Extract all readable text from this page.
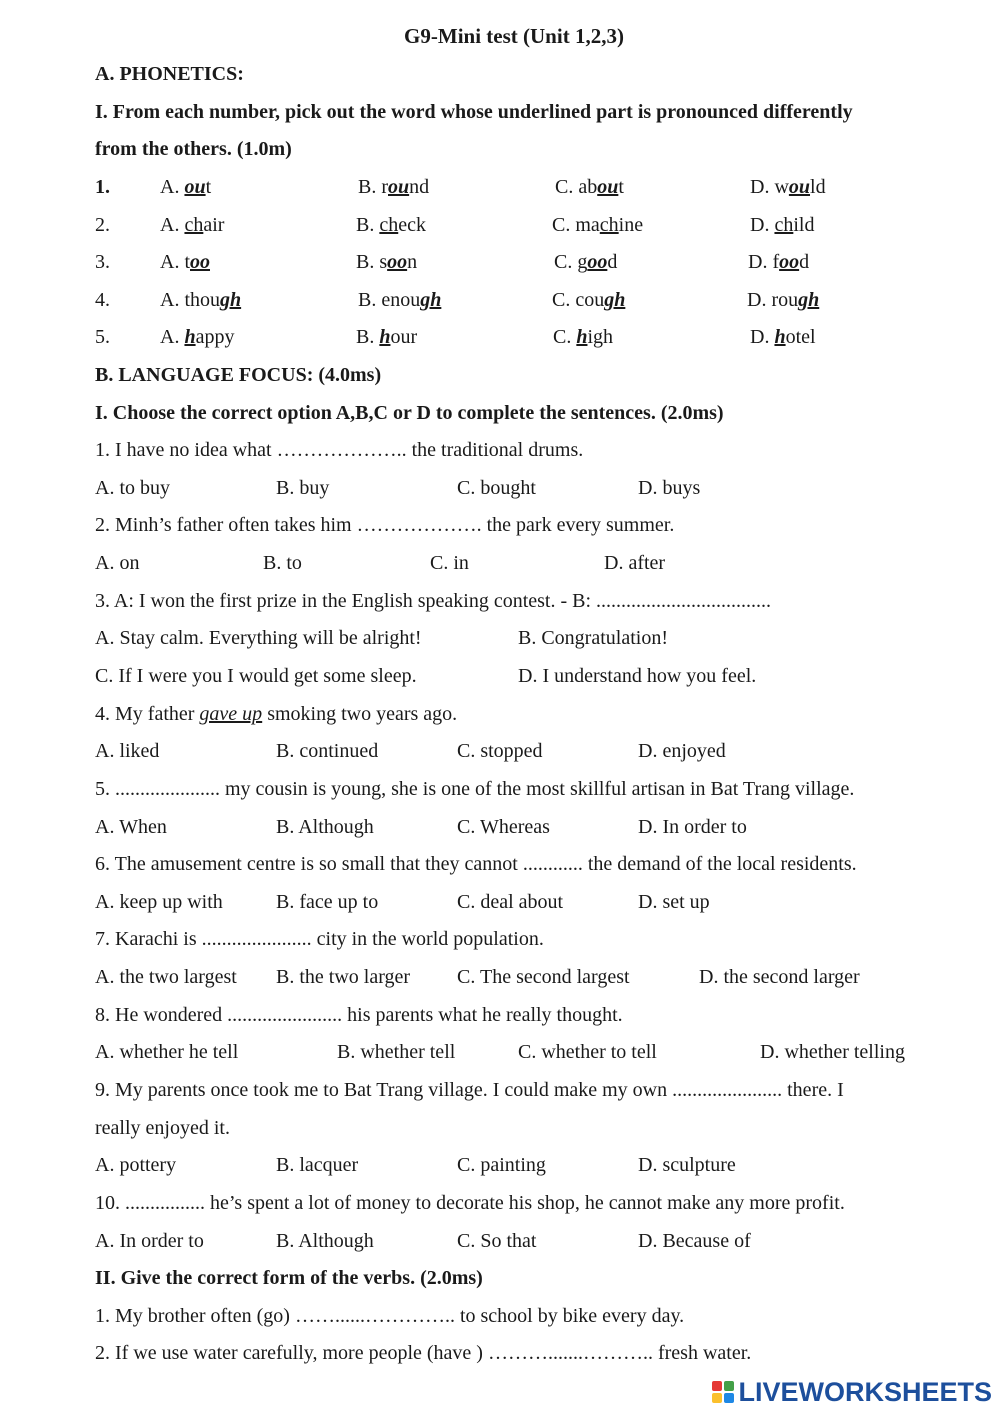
G9-Mini test (Unit 1,2,3)
A. PHONETICS:
I. From each number, pick out the word whose underlined part is pronounced differently
from the others. (1.0m)
1.	A. out	B. round	C. about	D. would
2.	A. chair	B. check	C. machine	D. child
3.	A. too	B. soon	C. good	D. food
4.	A. though	B. enough	C. cough	D. rough
5.	A. happy	B. hour	C. high	D. hotel
B. LANGUAGE FOCUS: (4.0ms)
I. Choose the correct option A,B,C or D to complete the sentences. (2.0ms)
1. I have no idea what ……………….. the traditional drums.
A. to buy	B. buy	C. bought	D. buys
2. Minh’s father often takes him ………………. the park every summer.
A. on	B. to	C. in	D. after
3. A: I won the first prize in the English speaking contest. - B: ...................................
A. Stay calm. Everything will be alright!	B. Congratulation!
C. If I were you I would get some sleep.	D. I understand how you feel.
4. My father gave up smoking two years ago.
A. liked	B. continued	C. stopped	D. enjoyed
5. ..................... my cousin is young, she is one of the most skillful artisan in Bat Trang village.
A. When	B. Although	C. Whereas	D. In order to
6. The amusement centre is so small that they cannot ............ the demand of the local residents.
A. keep up with	B. face up to	C. deal about	D. set up
7. Karachi is ...................... city in the world population.
A. the two largest B. the two larger C. The second largest	D. the second larger
8. He wondered ....................... his parents what he really thought.
A. whether he tell	B. whether tell	C. whether to tell	D. whether telling
9. My parents once took me to Bat Trang village. I could make my own ...................... there. I
really enjoyed it.
A. pottery	B. lacquer	C. painting	D. sculpture
10. ................ he’s spent a lot of money to decorate his shop, he cannot make any more profit.
A. In order to	B. Although	C. So that	D. Because of
II. Give the correct form of the verbs. (2.0ms)
1. My brother often (go) ……......………….. to school by bike every day.
2. If we use water carefully, more people (have ) ……….......……….. fresh water.
LIVEWORKSHEETS
